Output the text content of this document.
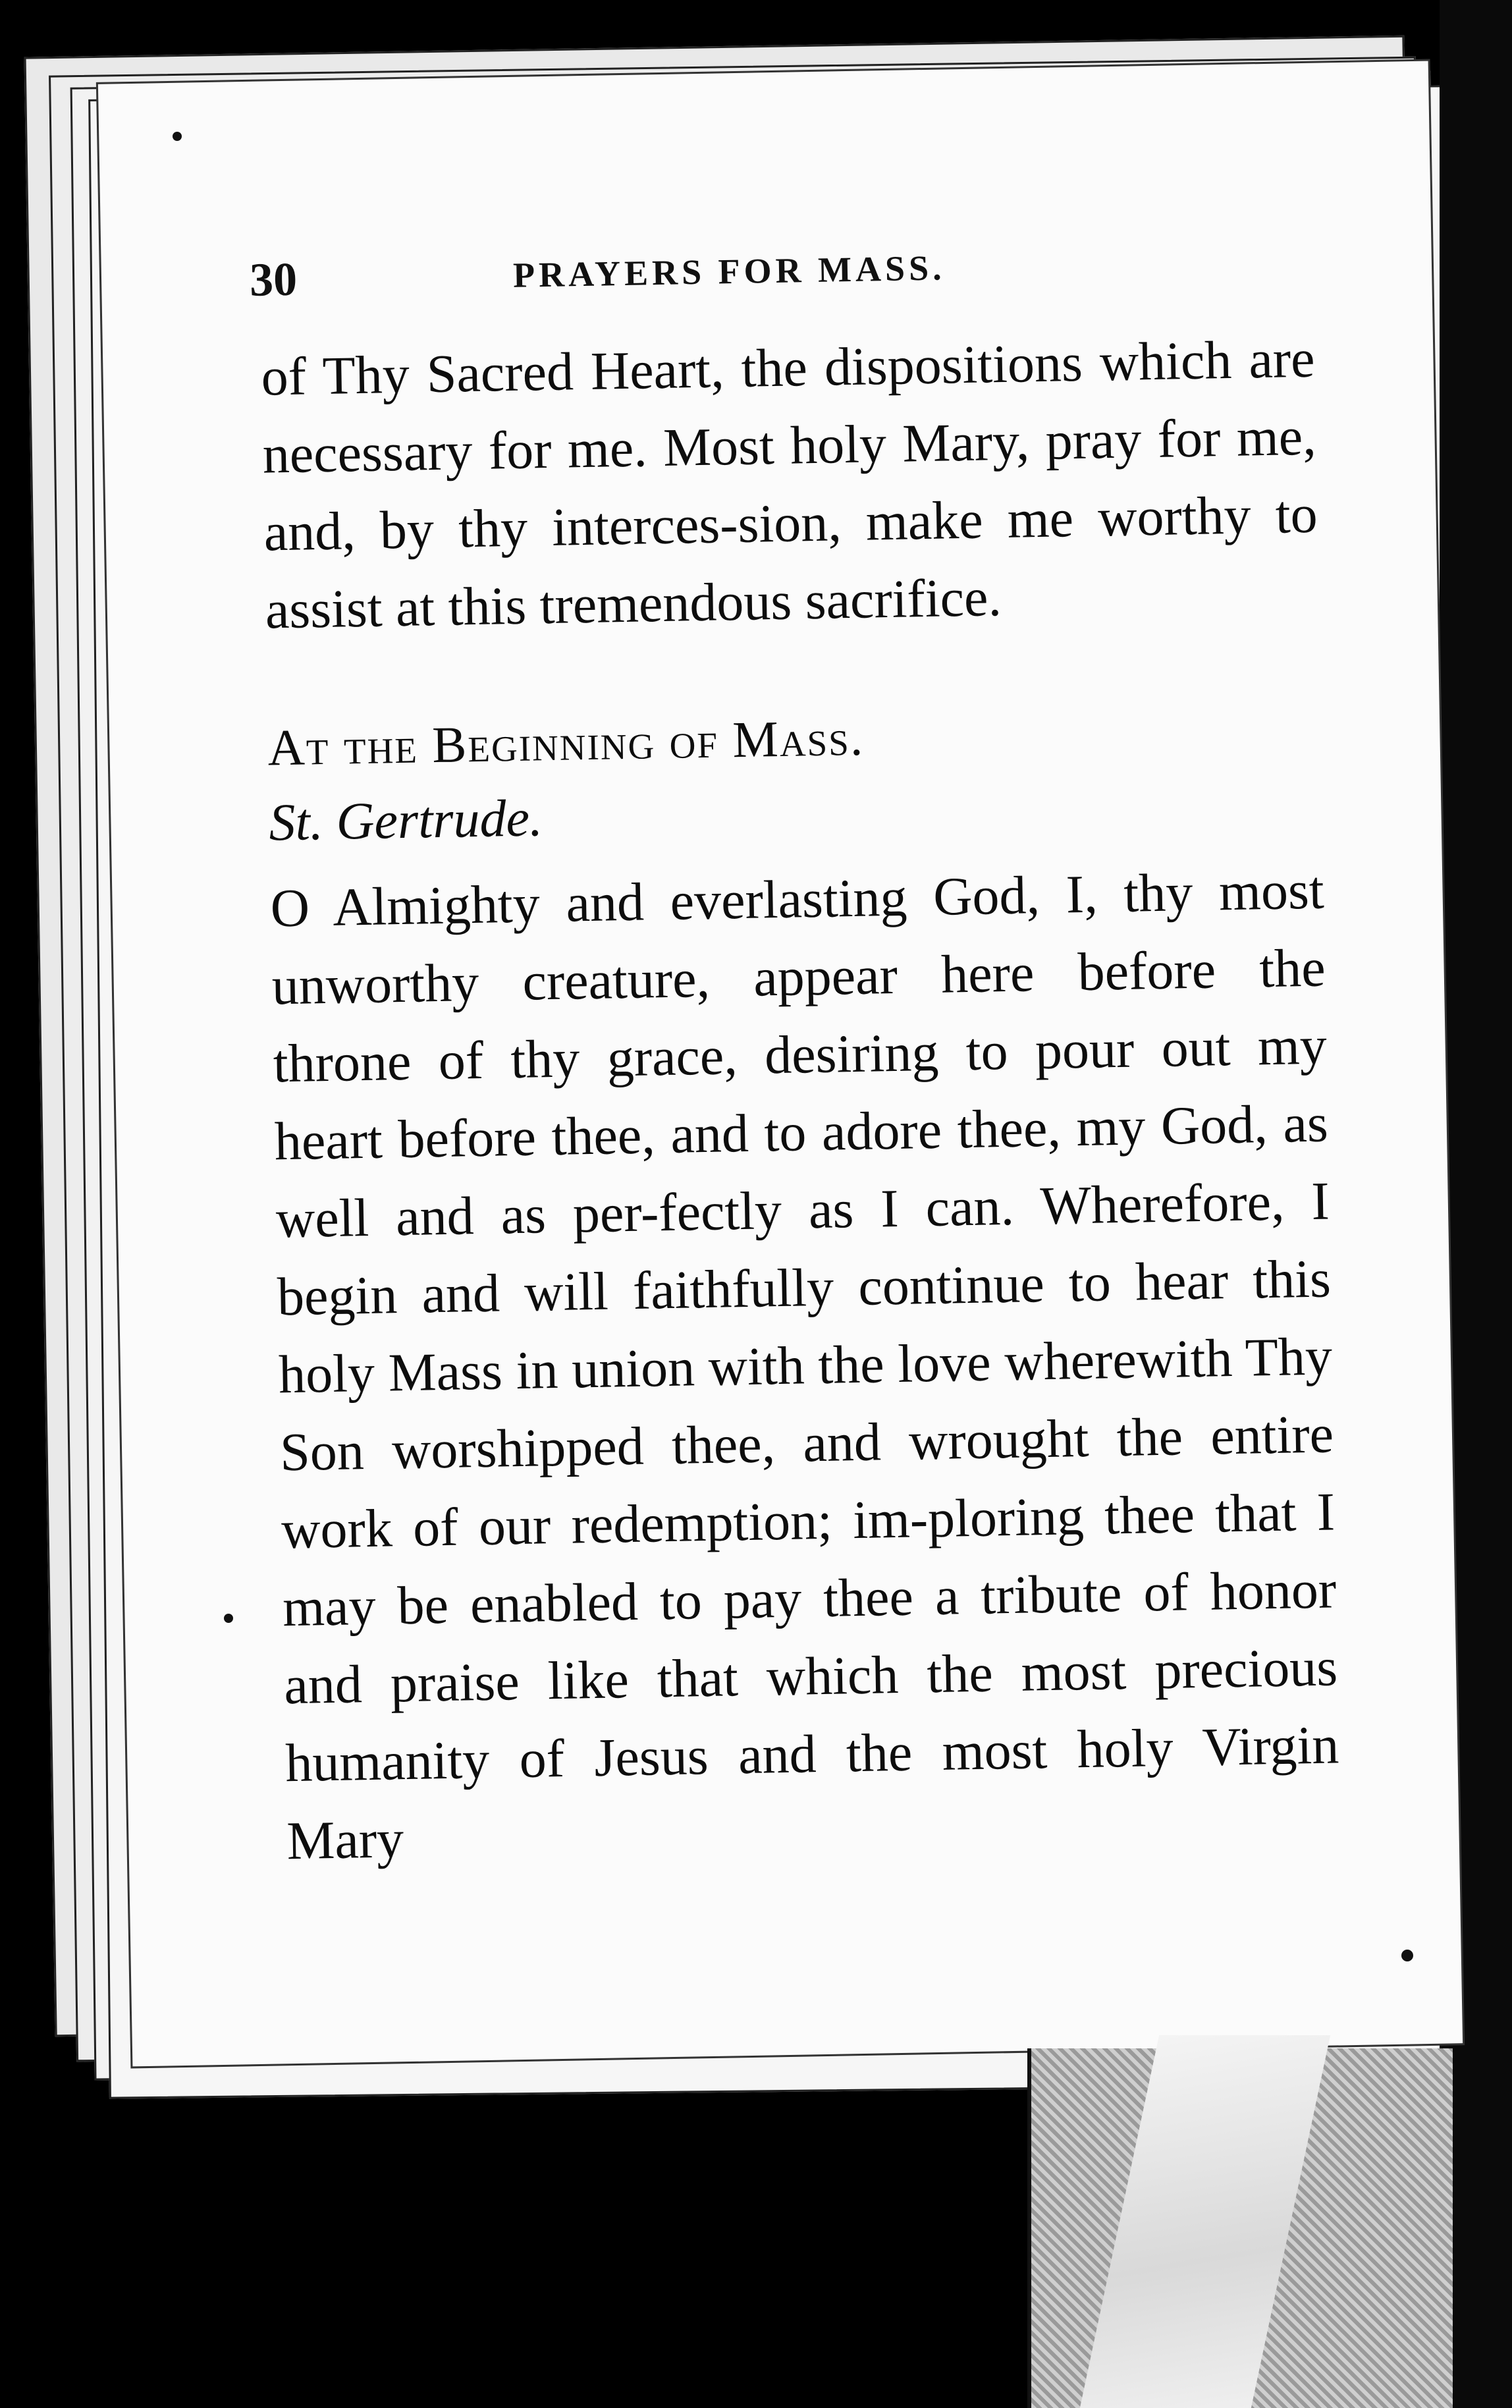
30	PRAYERS FOR MASS.

of Thy Sacred Heart, the dispositions which are necessary for me. Most holy Mary, pray for me, and, by thy interces-sion, make me worthy to assist at this tremendous sacrifice.

At the Beginning of Mass.
St. Gertrude.

O Almighty and everlasting God, I, thy most unworthy creature, appear here before the throne of thy grace, desiring to pour out my heart before thee, and to adore thee, my God, as well and as per-fectly as I can. Wherefore, I begin and will faithfully continue to hear this holy Mass in union with the love wherewith Thy Son worshipped thee, and wrought the entire work of our redemption; im-ploring thee that I may be enabled to pay thee a tribute of honor and praise like that which the most precious humanity of Jesus and the most holy Virgin Mary
